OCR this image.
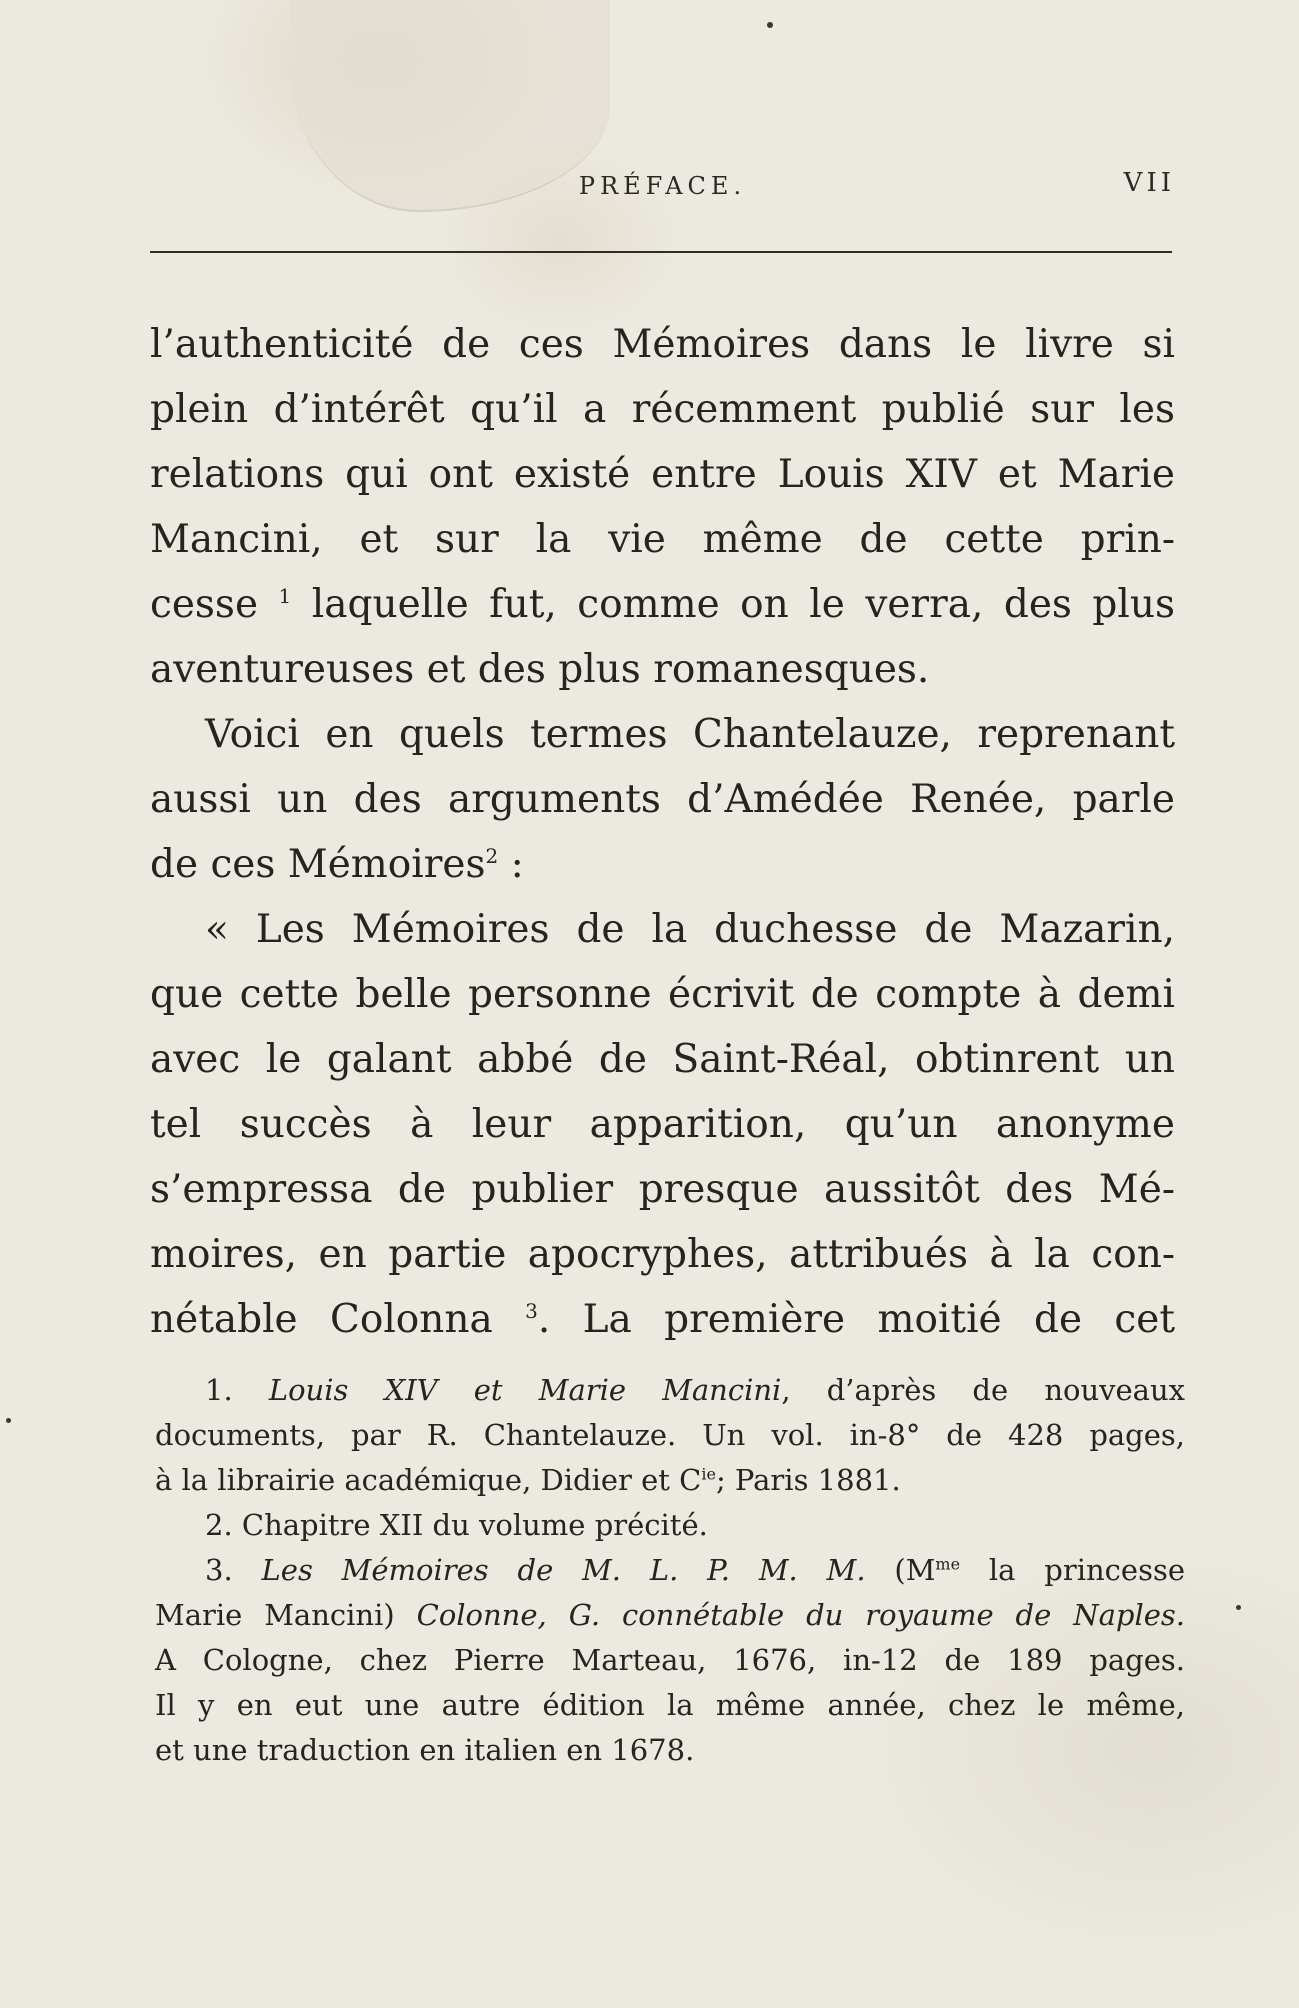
PRÉFACE.	VII
l’authenticité de ces Mémoires dans le livre si
plein d’intérêt qu’il a récemment publié sur les
relations qui ont existé entre Louis XIV et Marie
Mancini, et sur la vie même de cette prin-
cesse $^1$ laquelle fut, comme on le verra, des plus
aventureuses et des plus romanesques.
Voici en quels termes Chantelauze, reprenant
aussi un des arguments d’Amédée Renée, parle
de ces Mémoires$^2$ :
« Les Mémoires de la duchesse de Mazarin,
que cette belle personne écrivit de compte à demi
avec le galant abbé de Saint-Réal, obtinrent un
tel succès à leur apparition, qu’un anonyme
s’empressa de publier presque aussitôt des Mé-
moires, en partie apocryphes, attribués à la con-
nétable Colonna $^3$. La première moitié de cet
1. Louis XIV et Marie Mancini, d’après de nouveaux
documents, par R. Chantelauze. Un vol. in-8° de 428 pages,
à la librairie académique, Didier et $C^{ie}$; Paris 1881.
2. Chapitre XII du volume précité.
3. Les Mémoires de M. L. P. M. M. ($M^{me}$ la princesse
Marie Mancini) Colonne, G. connétable du royaume de Naples.
A Cologne, chez Pierre Marteau, 1676, in-12 de 189 pages.
Il y en eut une autre édition la même année, chez le même,
et une traduction en italien en 1678.
